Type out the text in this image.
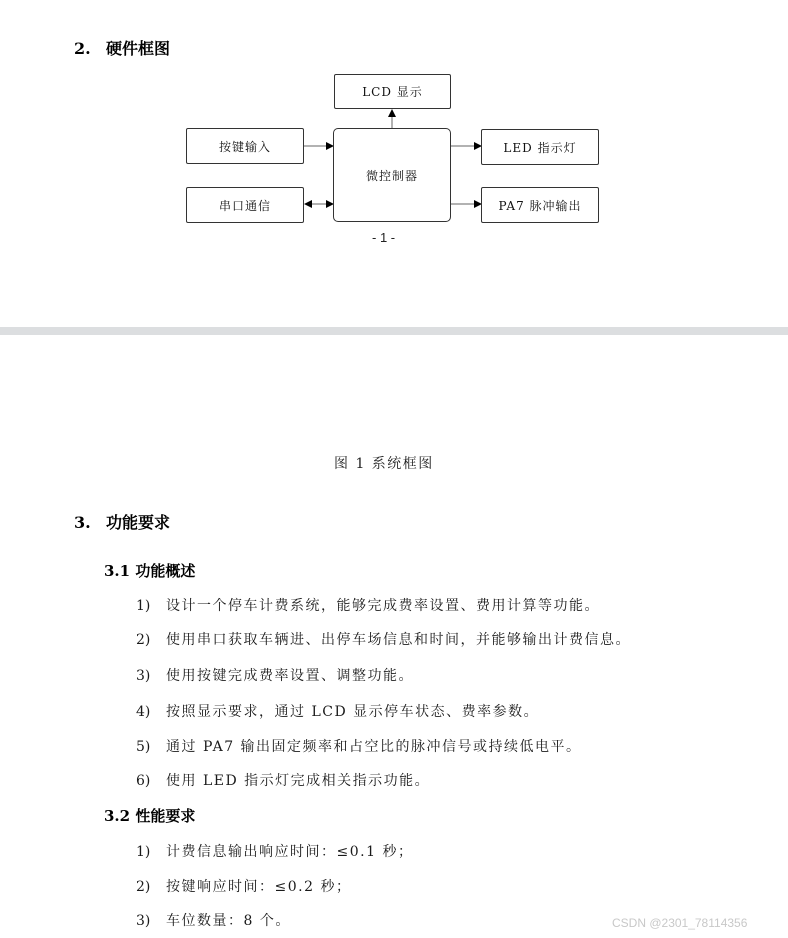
2. 硬件框图
LCD 显示
按键输入
微控制器
LED 指示灯
串口通信	PA7 脉冲输出
- 1 -
图 1 系统框图
3. 功能要求
3.1 功能概述
1) 设计一个停车计费系统，能够完成费率设置、费用计算等功能。
2) 使用串口获取车辆进、出停车场信息和时间，并能够输出计费信息。
3) 使用按键完成费率设置、调整功能。
4) 按照显示要求，通过 LCD 显示停车状态、费率参数。
5) 通过 PA7 输出固定频率和占空比的脉冲信号或持续低电平。
6) 使用 LED 指示灯完成相关指示功能。
3.2 性能要求
1) 计费信息输出响应时间：≤0.1 秒；
2) 按键响应时间：≤0.2 秒；
3) 车位数量：8 个。	CSDN @2301_78114356
